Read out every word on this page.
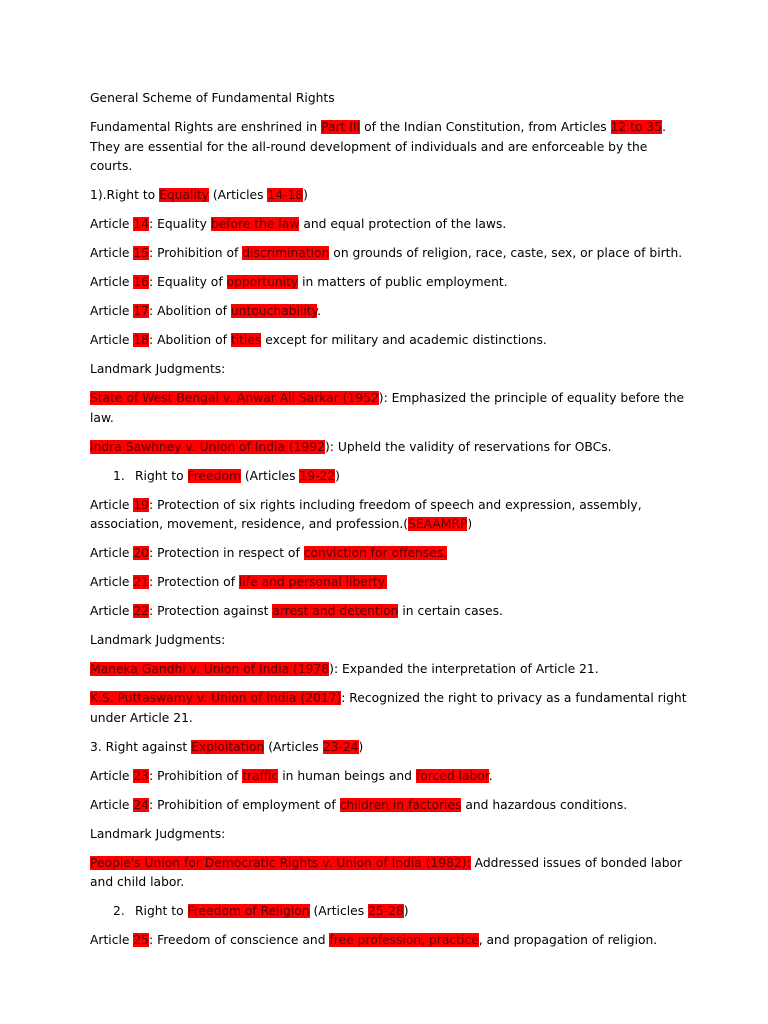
General Scheme of Fundamental Rights

Fundamental Rights are enshrined in Part III of the Indian Constitution, from Articles 12 to 35. They are essential for the all-round development of individuals and are enforceable by the courts.

1).Right to Equality (Articles 14-18)

Article 14: Equality before the law and equal protection of the laws.

Article 15: Prohibition of discrimination on grounds of religion, race, caste, sex, or place of birth.

Article 16: Equality of opportunity in matters of public employment.

Article 17: Abolition of untouchability.

Article 18: Abolition of titles except for military and academic distinctions.

Landmark Judgments:

State of West Bengal v. Anwar Ali Sarkar (1952): Emphasized the principle of equality before the law.

Indra Sawhney v. Union of India (1992): Upheld the validity of reservations for OBCs.

1. Right to Freedom (Articles 19-22)

Article 19: Protection of six rights including freedom of speech and expression, assembly, association, movement, residence, and profession.(SEAAMRP)

Article 20: Protection in respect of conviction for offenses.

Article 21: Protection of life and personal liberty.

Article 22: Protection against arrest and detention in certain cases.

Landmark Judgments:

Maneka Gandhi v. Union of India (1978): Expanded the interpretation of Article 21.

K.S. Puttaswamy v. Union of India (2017): Recognized the right to privacy as a fundamental right under Article 21.

3. Right against Exploitation (Articles 23-24)

Article 23: Prohibition of traffic in human beings and forced labor.

Article 24: Prohibition of employment of children in factories and hazardous conditions.

Landmark Judgments:

People's Union for Democratic Rights v. Union of India (1982): Addressed issues of bonded labor and child labor.

2. Right to Freedom of Religion (Articles 25-28)

Article 25: Freedom of conscience and free profession, practice, and propagation of religion.
